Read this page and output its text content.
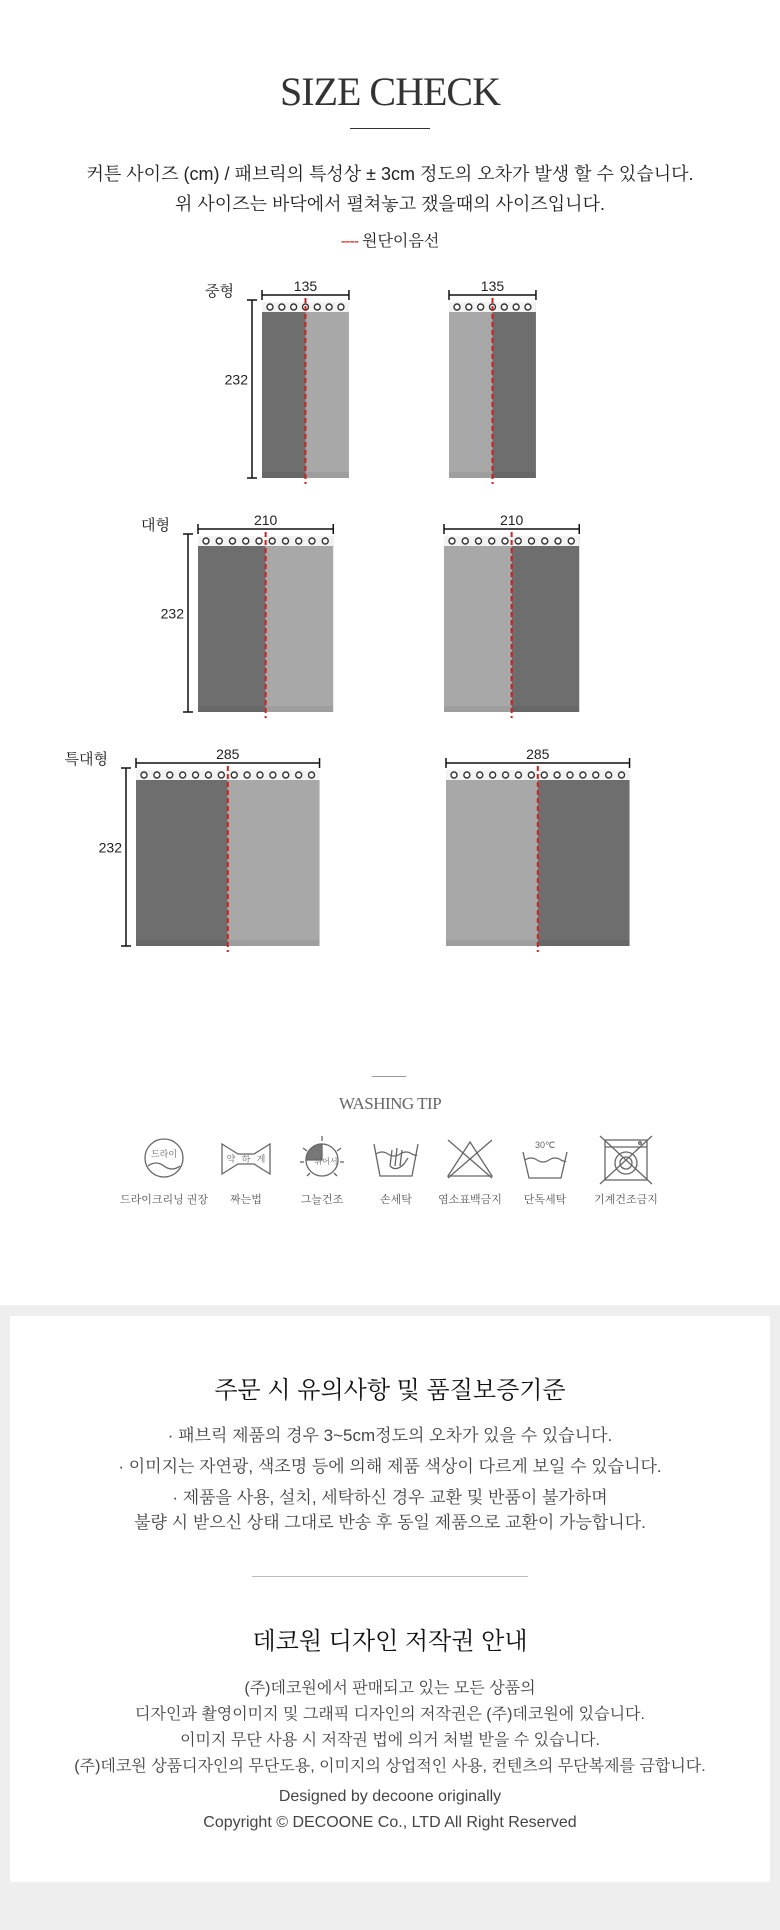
SIZE CHECK
커튼 사이즈 (cm) / 패브릭의 특성상 ± 3cm 정도의 오차가 발생 할 수 있습니다.
위 사이즈는 바닥에서 펼쳐놓고 쟀을때의 사이즈입니다.
---- 원단이음선
135	135
232
중형
210	210
232
대형
285	285
232
특대형
WASHING TIP
드라이	약 하 게	뉘어서
30℃
드라이크리닝 권장	짜는법	그늘건조	손세탁	염소표백금지	단독세탁	기계건조금지
주문 시 유의사항 및 품질보증기준
· 패브릭 제품의 경우 3~5cm정도의 오차가 있을 수 있습니다.
· 이미지는 자연광, 색조명 등에 의해 제품 색상이 다르게 보일 수 있습니다.
· 제품을 사용, 설치, 세탁하신 경우 교환 및 반품이 불가하며
불량 시 받으신 상태 그대로 반송 후 동일 제품으로 교환이 가능합니다.
데코원 디자인 저작권 안내
(주)데코원에서 판매되고 있는 모든 상품의
디자인과 촬영이미지 및 그래픽 디자인의 저작권은 (주)데코원에 있습니다.
이미지 무단 사용 시 저작권 법에 의거 처벌 받을 수 있습니다.
(주)데코원 상품디자인의 무단도용, 이미지의 상업적인 사용, 컨텐츠의 무단복제를 금합니다.
Designed by decoone originally
Copyright © DECOONE Co., LTD All Right Reserved
